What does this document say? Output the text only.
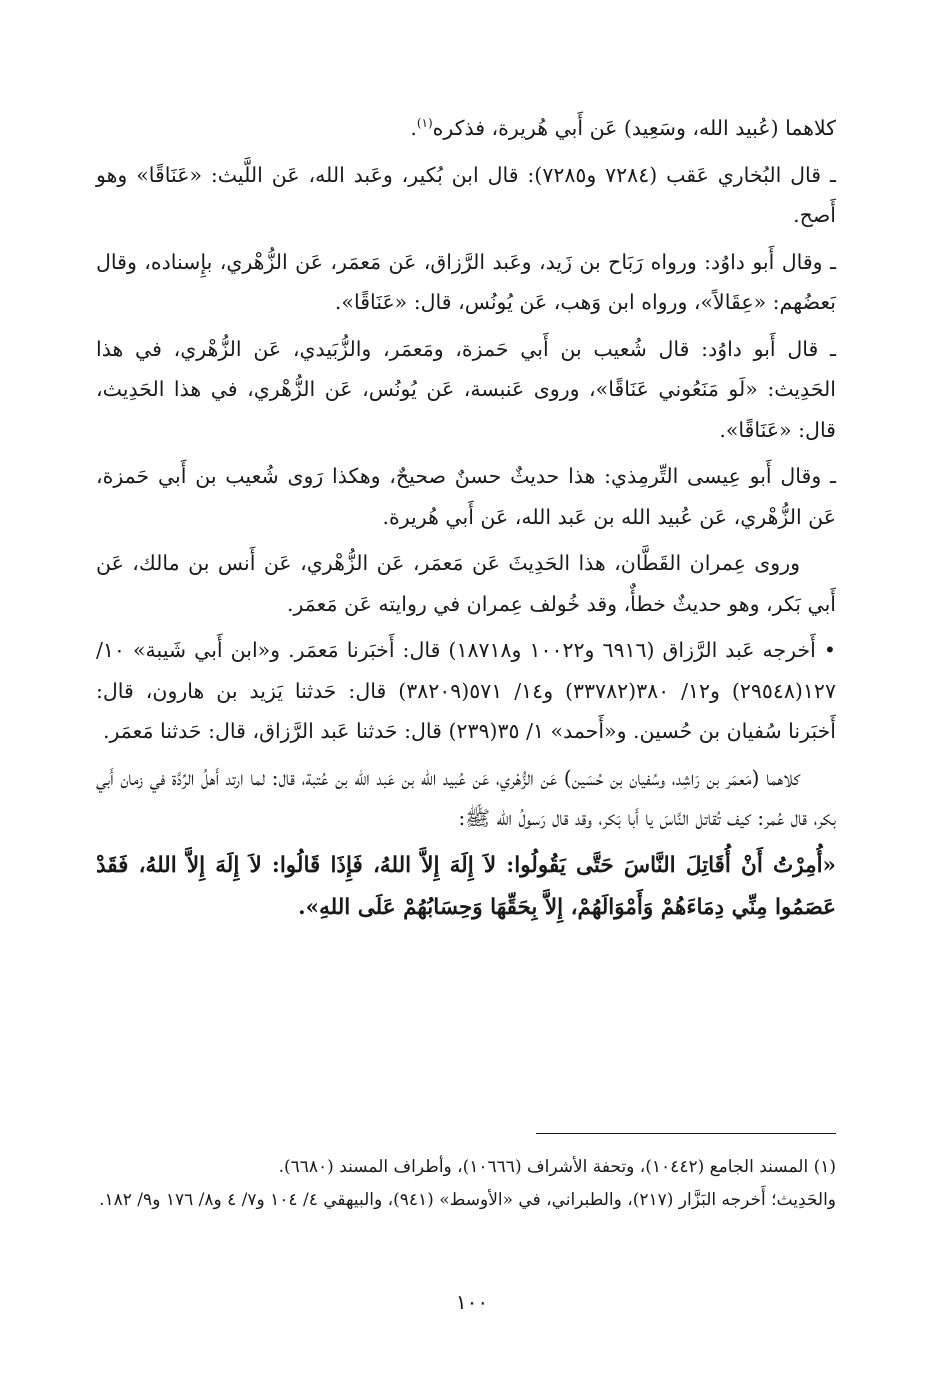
كلاهما (عُبيد الله، وسَعِيد) عَن أَبي هُريرة، فذكره$^{(١)}$.

ـ قال البُخاري عَقب (٧٢٨٤ و٧٢٨٥): قال ابن بُكير، وعَبد الله، عَن اللَّيث: «عَنَاقًا» وهو أَصح.

ـ وقال أَبو داوُد: ورواه رَبَاح بن زَيد، وعَبد الرَّزاق، عَن مَعمَر، عَن الزُّهْري، بإِسناده، وقال بَعضُهم: «عِقَالاً»، ورواه ابن وَهب، عَن يُونُس، قال: «عَنَاقًا».

ـ قال أَبو داوُد: قال شُعيب بن أَبي حَمزة، ومَعمَر، والزُّبَيدي، عَن الزُّهْري، في هذا الحَدِيث: «لَو مَنَعُوني عَنَاقًا»، وروى عَنبسة، عَن يُونُس، عَن الزُّهْري، في هذا الحَدِيث، قال: «عَنَاقًا».

ـ وقال أَبو عِيسى التِّرمِذي: هذا حديثٌ حسنٌ صحيحٌ، وهكذا رَوى شُعيب بن أَبي حَمزة، عَن الزُّهْري، عَن عُبيد الله بن عَبد الله، عَن أَبي هُريرة.

وروى عِمران القَطَّان، هذا الحَدِيثَ عَن مَعمَر، عَن الزُّهْري، عَن أَنس بن مالك، عَن أَبي بَكر، وهو حديثٌ خطأٌ، وقد خُولف عِمران في روايته عَن مَعمَر.

• أَخرجه عَبد الرَّزاق (٦٩١٦ و١٠٠٢٢ و١٨٧١٨) قال: أَخبَرنا مَعمَر. و«ابن أَبي شَيبة» ١٠/ ١٢٧(٢٩٥٤٨) و١٢/ ٣٨٠(٣٣٧٨٢) و١٤/ ٥٧١(٣٨٢٠٩) قال: حَدثنا يَزيد بن هارون، قال: أَخبَرنا سُفيان بن حُسين. و«أَحمد» ١/ ٣٥(٢٣٩) قال: حَدثنا عَبد الرَّزاق، قال: حَدثنا مَعمَر.

كلاهما (مَعمَر بن رَاشِد، وسُفيان بن حُسَين) عَن الزُّهْري، عَن عُبيد الله بن عَبد الله بن عُتبة، قال: لما ارتد أَهلُ الرِّدَّة في زمان أَبي بكر، قال عُمر: كيف تُقاتل النَّاسَ يا أَبا بَكر، وقد قال رَسولُ الله ﷺ:

«أُمِرْتُ أَنْ أُقَاتِلَ النَّاسَ حَتَّى يَقُولُوا: لاَ إِلَهَ إِلاَّ اللهُ، فَإِذَا قَالُوا: لاَ إِلَهَ إِلاَّ اللهُ، فَقَدْ عَصَمُوا مِنِّي دِمَاءَهُمْ وَأَمْوَالَهُمْ، إِلاَّ بِحَقِّهَا وَحِسَابُهُمْ عَلَى اللهِ».

(١) المسند الجامع (١٠٤٤٢)، وتحفة الأشراف (١٠٦٦٦)، وأطراف المسند (٦٦٨٠).

والحَدِيث؛ أَخرجه البَزَّار (٢١٧)، والطبراني، في «الأوسط» (٩٤١)، والبيهقي ٤/ ١٠٤ و٧/ ٤ و٨/ ١٧٦ و٩/ ١٨٢.

١٠٠
